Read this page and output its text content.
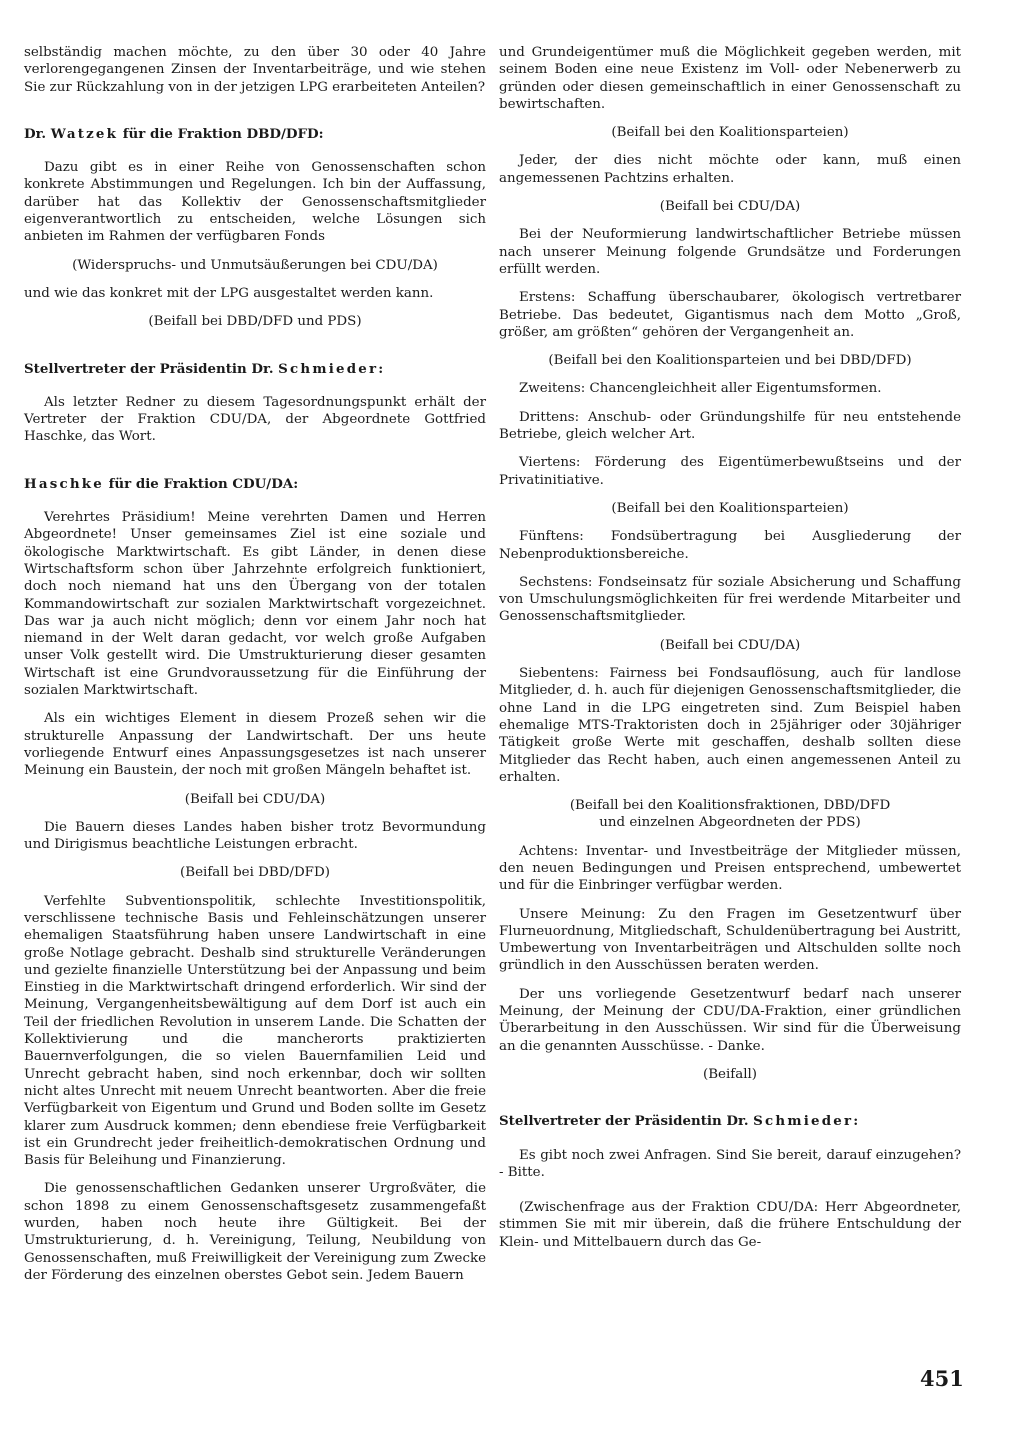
selbständig machen möchte, zu den über 30 oder 40 Jahre verlorengegangenen Zinsen der Inventarbeiträge, und wie stehen Sie zur Rückzahlung von in der jetzigen LPG erarbeiteten Anteilen?

Dr. Watzek für die Fraktion DBD/DFD:

Dazu gibt es in einer Reihe von Genossenschaften schon konkrete Abstimmungen und Regelungen. Ich bin der Auffassung, darüber hat das Kollektiv der Genossenschaftsmitglieder eigenverantwortlich zu entscheiden, welche Lösungen sich anbieten im Rahmen der verfügbaren Fonds

(Widerspruchs- und Unmutsäußerungen bei CDU/DA)

und wie das konkret mit der LPG ausgestaltet werden kann.

(Beifall bei DBD/DFD und PDS)

Stellvertreter der Präsidentin Dr. Schmieder:

Als letzter Redner zu diesem Tagesordnungspunkt erhält der Vertreter der Fraktion CDU/DA, der Abgeordnete Gottfried Haschke, das Wort.

Haschke für die Fraktion CDU/DA:

Verehrtes Präsidium! Meine verehrten Damen und Herren Abgeordnete! Unser gemeinsames Ziel ist eine soziale und ökologische Marktwirtschaft. Es gibt Länder, in denen diese Wirtschaftsform schon über Jahrzehnte erfolgreich funktioniert, doch noch niemand hat uns den Übergang von der totalen Kommandowirtschaft zur sozialen Marktwirtschaft vorgezeichnet. Das war ja auch nicht möglich; denn vor einem Jahr noch hat niemand in der Welt daran gedacht, vor welch große Aufgaben unser Volk gestellt wird. Die Umstrukturierung dieser gesamten Wirtschaft ist eine Grundvoraussetzung für die Einführung der sozialen Marktwirtschaft.

Als ein wichtiges Element in diesem Prozeß sehen wir die strukturelle Anpassung der Landwirtschaft. Der uns heute vorliegende Entwurf eines Anpassungsgesetzes ist nach unserer Meinung ein Baustein, der noch mit großen Mängeln behaftet ist.

(Beifall bei CDU/DA)

Die Bauern dieses Landes haben bisher trotz Bevormundung und Dirigismus beachtliche Leistungen erbracht.

(Beifall bei DBD/DFD)

Verfehlte Subventionspolitik, schlechte Investitionspolitik, verschlissene technische Basis und Fehleinschätzungen unserer ehemaligen Staatsführung haben unsere Landwirtschaft in eine große Notlage gebracht. Deshalb sind strukturelle Veränderungen und gezielte finanzielle Unterstützung bei der Anpassung und beim Einstieg in die Marktwirtschaft dringend erforderlich. Wir sind der Meinung, Vergangenheitsbewältigung auf dem Dorf ist auch ein Teil der friedlichen Revolution in unserem Lande. Die Schatten der Kollektivierung und die mancherorts praktizierten Bauernverfolgungen, die so vielen Bauernfamilien Leid und Unrecht gebracht haben, sind noch erkennbar, doch wir sollten nicht altes Unrecht mit neuem Unrecht beantworten. Aber die freie Verfügbarkeit von Eigentum und Grund und Boden sollte im Gesetz klarer zum Ausdruck kommen; denn ebendiese freie Verfügbarkeit ist ein Grundrecht jeder freiheitlich-demokratischen Ordnung und Basis für Beleihung und Finanzierung.

Die genossenschaftlichen Gedanken unserer Urgroßväter, die schon 1898 zu einem Genossenschaftsgesetz zusammengefaßt wurden, haben noch heute ihre Gültigkeit. Bei der Umstrukturierung, d. h. Vereinigung, Teilung, Neubildung von Genossenschaften, muß Freiwilligkeit der Vereinigung zum Zwecke der Förderung des einzelnen oberstes Gebot sein. Jedem Bauern

und Grundeigentümer muß die Möglichkeit gegeben werden, mit seinem Boden eine neue Existenz im Voll- oder Nebenerwerb zu gründen oder diesen gemeinschaftlich in einer Genossenschaft zu bewirtschaften.

(Beifall bei den Koalitionsparteien)

Jeder, der dies nicht möchte oder kann, muß einen angemessenen Pachtzins erhalten.

(Beifall bei CDU/DA)

Bei der Neuformierung landwirtschaftlicher Betriebe müssen nach unserer Meinung folgende Grundsätze und Forderungen erfüllt werden.

Erstens: Schaffung überschaubarer, ökologisch vertretbarer Betriebe. Das bedeutet, Gigantismus nach dem Motto „Groß, größer, am größten“ gehören der Vergangenheit an.

(Beifall bei den Koalitionsparteien und bei DBD/DFD)

Zweitens: Chancengleichheit aller Eigentumsformen.

Drittens: Anschub- oder Gründungshilfe für neu entstehende Betriebe, gleich welcher Art.

Viertens: Förderung des Eigentümerbewußtseins und der Privatinitiative.

(Beifall bei den Koalitionsparteien)

Fünftens: Fondsübertragung bei Ausgliederung der Nebenproduktionsbereiche.

Sechstens: Fondseinsatz für soziale Absicherung und Schaffung von Umschulungsmöglichkeiten für frei werdende Mitarbeiter und Genossenschaftsmitglieder.

(Beifall bei CDU/DA)

Siebentens: Fairness bei Fondsauflösung, auch für landlose Mitglieder, d. h. auch für diejenigen Genossenschaftsmitglieder, die ohne Land in die LPG eingetreten sind. Zum Beispiel haben ehemalige MTS-Traktoristen doch in 25jähriger oder 30jähriger Tätigkeit große Werte mit geschaffen, deshalb sollten diese Mitglieder das Recht haben, auch einen angemessenen Anteil zu erhalten.

(Beifall bei den Koalitionsfraktionen, DBD/DFD
und einzelnen Abgeordneten der PDS)

Achtens: Inventar- und Investbeiträge der Mitglieder müssen, den neuen Bedingungen und Preisen entsprechend, umbewertet und für die Einbringer verfügbar werden.

Unsere Meinung: Zu den Fragen im Gesetzentwurf über Flurneuordnung, Mitgliedschaft, Schuldenübertragung bei Austritt, Umbewertung von Inventarbeiträgen und Altschulden sollte noch gründlich in den Ausschüssen beraten werden.

Der uns vorliegende Gesetzentwurf bedarf nach unserer Meinung, der Meinung der CDU/DA-Fraktion, einer gründlichen Überarbeitung in den Ausschüssen. Wir sind für die Überweisung an die genannten Ausschüsse. - Danke.

(Beifall)

Stellvertreter der Präsidentin Dr. Schmieder:

Es gibt noch zwei Anfragen. Sind Sie bereit, darauf einzugehen? - Bitte.

(Zwischenfrage aus der Fraktion CDU/DA: Herr Abgeordneter, stimmen Sie mit mir überein, daß die frühere Entschuldung der Klein- und Mittelbauern durch das Ge-

451
